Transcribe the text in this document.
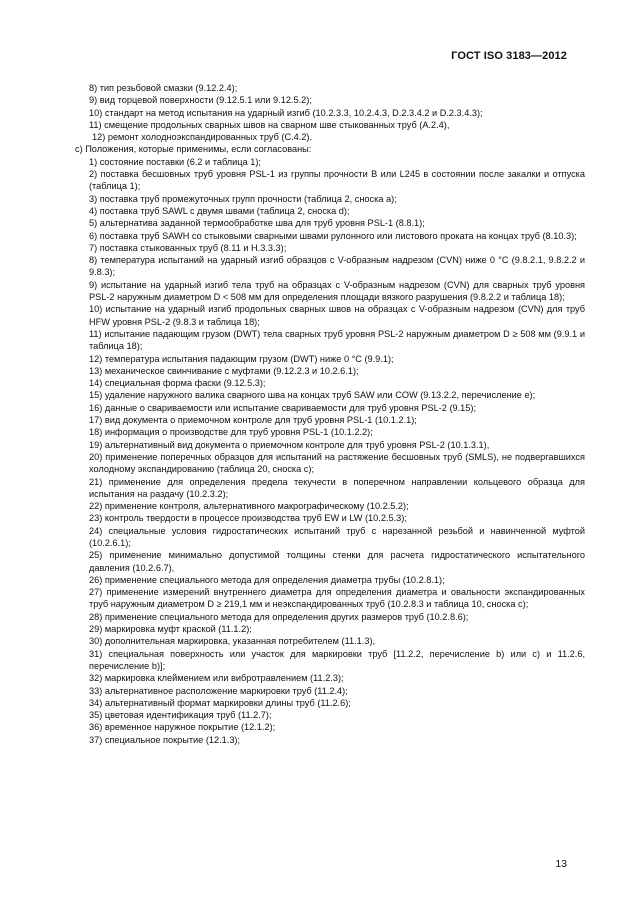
ГОСТ ISO 3183—2012

8) тип резьбовой смазки (9.12.2.4);

9) вид торцевой поверхности (9.12.5.1 или 9.12.5.2);

10) стандарт на метод испытания на ударный изгиб (10.2.3.3, 10.2.4.3, D.2.3.4.2 и D.2.3.4.3);

11) смещение продольных сварных швов на сварном шве стыкованных труб (A.2.4),

12) ремонт холодноэкспандированных труб (C.4.2).

c) Положения, которые применимы, если согласованы:

1) состояние поставки (6.2 и таблица 1);

2) поставка бесшовных труб уровня PSL-1 из группы прочности B или L245 в состоянии после закалки и отпуска (таблица 1);

3) поставка труб промежуточных групп прочности (таблица 2, сноска a);

4) поставка труб SAWL с двумя швами (таблица 2, сноска d);

5) альтернатива заданной термообработке шва для труб уровня PSL-1 (8.8.1);

6) поставка труб SAWH со стыковыми сварными швами рулонного или листового проката на концах труб (8.10.3);

7) поставка стыкованных труб (8.11 и H.3.3.3);

8) температура испытаний на ударный изгиб образцов с V-образным надрезом (CVN) ниже 0 °C (9.8.2.1, 9.8.2.2 и 9.8.3);

9) испытание на ударный изгиб тела труб на образцах с V-образным надрезом (CVN) для сварных труб уровня PSL-2 наружным диаметром D < 508 мм для определения площади вязкого разрушения (9.8.2.2 и таблица 18);

10) испытание на ударный изгиб продольных сварных швов на образцах с V-образным надрезом (CVN) для труб HFW уровня PSL-2 (9.8.3 и таблица 18);

11) испытание падающим грузом (DWT) тела сварных труб уровня PSL-2 наружным диаметром D ≥ 508 мм (9.9.1 и таблица 18);

12) температура испытания падающим грузом (DWT) ниже 0 °C (9.9.1);

13) механическое свинчивание с муфтами (9.12.2.3 и 10.2.6.1);

14) специальная форма фаски (9.12.5.3);

15) удаление наружного валика сварного шва на концах труб SAW или COW (9.13.2.2, перечисление e);

16) данные о свариваемости или испытание свариваемости для труб уровня PSL-2 (9.15);

17) вид документа о приемочном контроле для труб уровня PSL-1 (10.1.2.1);

18) информация о производстве для труб уровня PSL-1 (10.1.2.2);

19) альтернативный вид документа о приемочном контроле для труб уровня PSL-2 (10.1.3.1),

20) применение поперечных образцов для испытаний на растяжение бесшовных труб (SMLS), не подвергавшихся холодному экспандированию (таблица 20, сноска c);

21) применение для определения предела текучести в поперечном направлении кольцевого образца для испытания на раздачу (10.2.3.2);

22) применение контроля, альтернативного макрографическому (10.2.5.2);

23) контроль твердости в процессе производства труб EW и LW (10.2.5.3);

24) специальные условия гидростатических испытаний труб с нарезанной резьбой и навинченной муфтой (10.2.6.1);

25) применение минимально допустимой толщины стенки для расчета гидростатического испытательного давления (10.2.6.7),

26) применение специального метода для определения диаметра трубы (10.2.8.1);

27) применение измерений внутреннего диаметра для определения диаметра и овальности экспандированных труб наружным диаметром D ≥ 219,1 мм и нeэкспандированных труб (10.2.8.3 и таблица 10, сноска c);

28) применение специального метода для определения других размеров труб (10.2.8.6);

29) маркировка муфт краской (11.1.2);

30) дополнительная маркировка, указанная потребителем (11.1.3),

31) специальная поверхность или участок для маркировки труб [11.2.2, перечисление b) или c) и 11.2.6, перечисление b)];

32) маркировка клеймением или вибротравлением (11.2.3);

33) альтернативное расположение маркировки труб (11.2.4);

34) альтернативный формат маркировки длины труб (11.2.6);

35) цветовая идентификация труб (11.2.7);

36) временное наружное покрытие (12.1.2);

37) специальное покрытие (12.1.3);

13
